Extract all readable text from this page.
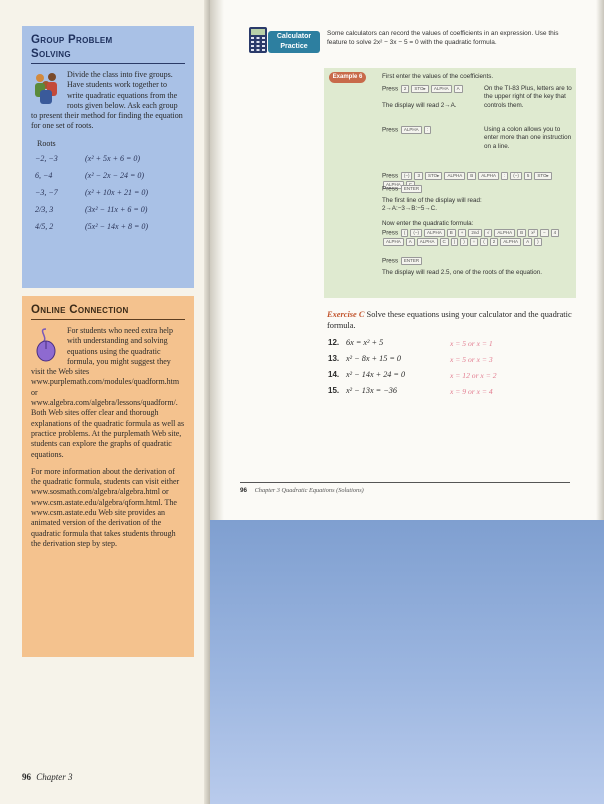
Group Problem
Solving

Divide the class into five groups. Have students work together to write quadratic equations from the roots given below. Ask each group to present their method for finding the equation for one set of roots.

Roots
−2, −3	(x² + 5x + 6 = 0)
6, −4	(x² − 2x − 24 = 0)
−3, −7	(x² + 10x + 21 = 0)
2/3, 3	(3x² − 11x + 6 = 0)
4/5, 2	(5x² − 14x + 8 = 0)
Online Connection

For students who need extra help with understanding and solving equations using the quadratic formula, you might suggest they visit the Web sites www.purplemath.com/modules/quadform.htm or www.algebra.com/algebra/lessons/quadform/. Both Web sites offer clear and thorough explanations of the quadratic formula as well as practice problems. At the purplemath Web site, students can explore the graphs of quadratic equations.

For more information about the derivation of the quadratic formula, students can visit either www.sosmath.com/algebra/algebra.html or www.csm.astate.edu/algebra/qform.html. The www.csm.astate.edu Web site provides an animated version of the derivation of the quadratic formula that takes students through the derivation step by step.

96 Chapter 3
Calculator
Practice
Some calculators can record the values of coefficients in an expression. Use this feature to solve 2x² − 3x − 5 = 0 with the quadratic formula.
Example 6	First enter the values of the coefficients.
Press 2 STO▸ ALPHA A
The display will read 2→A.
On the TI-83 Plus, letters are to the upper right of the key that controls them.
Press ALPHA :	Using a colon allows you to enter more than one instruction on a line.
Press (−) 3 STO▸ ALPHA B ALPHA : (−) 5 STO▸ALPHA
Press ENTER
The first line of the display will read:
2→A:−3→B:−5→C.
Now enter the quadratic formula:
Press ( (−) ALPHA B + 2nd √ ALPHA B x² − 4
ALPHA A ALPHA C ) ) ÷ ( 2 ALPHA A )
Press ENTER
The display will read 2.5, one of the roots of the equation.
Exercise C Solve these equations using your calculator and the quadratic formula.
12. 6x = x² + 5	x = 5 or x = 1
13. x² − 8x + 15 = 0	x = 5 or x = 3
14. x² − 14x + 24 = 0	x = 12 or x = 2
15. x² − 13x = −36	x = 9 or x = 4
96 Chapter 3 Quadratic Equations (Solutions)
